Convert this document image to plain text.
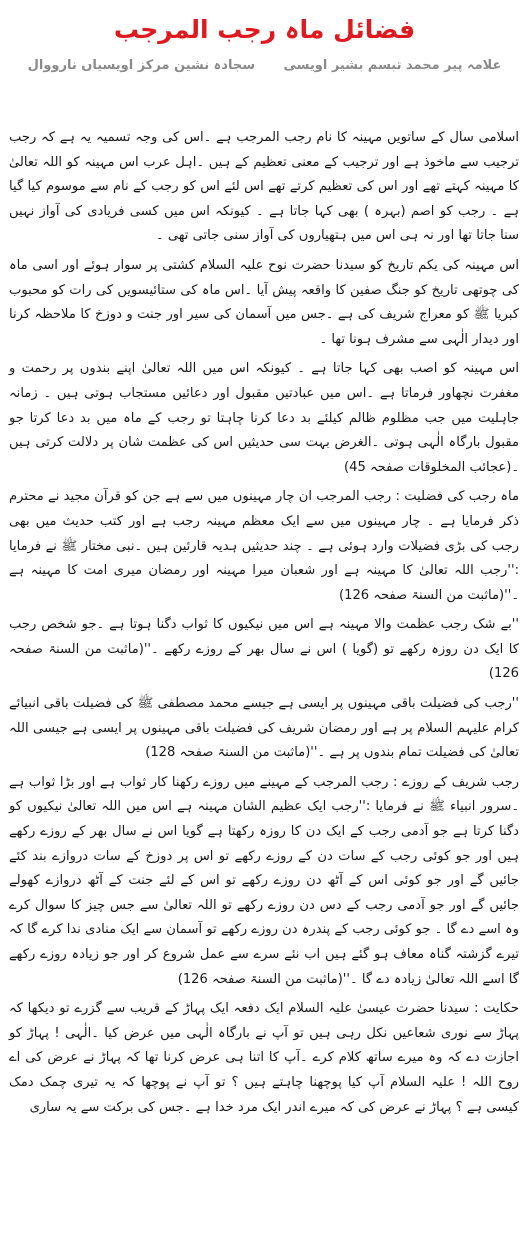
فضائل ماہ رجب المرجب
علامہ پیر محمد تبسم بشیر اویسی سجادہ نشین مرکز اویسیاں نارووال

اسلامی سال کے ساتویں مہینہ کا نام رجب المرجب ہے ۔اس کی وجہ تسمیہ یہ ہے کہ رجب ترجیب سے ماخوذ ہے اور ترجیب کے معنی تعظیم کے ہیں ۔اہل عرب اس مہینہ کو اللہ تعالیٰ کا مہینہ کہتے تھے اور اس کی تعظیم کرتے تھے اس لئے اس کو رجب کے نام سے موسوم کیا گیا ہے ۔ رجب کو اصم (بہرہ ) بھی کہا جاتا ہے ۔ کیونکہ اس میں کسی فریادی کی آواز نہیں سنا جاتا تھا اور نہ ہی اس میں ہتھیاروں کی آواز سنی جاتی تھی ۔

اس مہینہ کی یکم تاریخ کو سیدنا حضرت نوح علیہ السلام کشتی پر سوار ہوئے اور اسی ماہ کی چوتھی تاریخ کو جنگ صفین کا واقعہ پیش آیا ۔اس ماہ کی ستائیسویں کی رات کو محبوب کبریا ﷺ کو معراج شریف کی ہے ۔جس میں آسمان کی سیر اور جنت و دوزخ کا ملاحظہ کرنا اور دیدار الٰہی سے مشرف ہونا تھا ۔

اس مہینہ کو اصب بھی کہا جاتا ہے ۔ کیونکہ اس میں اللہ تعالیٰ اپنے بندوں پر رحمت و مغفرت نچھاور فرماتا ہے ۔اس میں عبادتیں مقبول اور دعائیں مستجاب ہوتی ہیں ۔ زمانہ جاہلیت میں جب مظلوم ظالم کیلئے بد دعا کرنا چاہتا تو رجب کے ماہ میں بد دعا کرتا جو مقبول بارگاہ الٰہی ہوتی ۔الغرض بہت سی حدیثیں اس کی عظمت شان پر دلالت کرتی ہیں ۔(عجائب المخلوقات صفحہ 45)

ماہ رجب کی فضلیت : رجب المرجب ان چار مہینوں میں سے ہے جن کو قرآن مجید نے محترم ذکر فرمایا ہے ۔ چار مہینوں میں سے ایک معظم مہینہ رجب ہے اور کتب حدیث میں بھی رجب کی بڑی فضیلات وارد ہوئی ہے ۔ چند حدیثیں ہدیہ قارئین ہیں ۔نبی مختار ﷺ نے فرمایا :''رجب اللہ تعالیٰ کا مہینہ ہے اور شعبان میرا مہینہ اور رمضان میری امت کا مہینہ ہے ۔''(ماثبت من السنۃ صفحہ 126)

''بے شک رجب عظمت والا مہینہ ہے اس میں نیکیوں کا ثواب دگنا ہوتا ہے ۔جو شخص رجب کا ایک دن روزہ رکھے تو (گویا ) اس نے سال بھر کے روزے رکھے ۔''(ماثبت من السنۃ صفحہ 126)

''رجب کی فضیلت باقی مہینوں پر ایسی ہے جیسے محمد مصطفی ﷺ کی فضیلت باقی انبیائے کرام علیہم السلام پر ہے اور رمضان شریف کی فضیلت باقی مہینوں پر ایسی ہے جیسی اللہ تعالیٰ کی فضیلت تمام بندوں پر ہے ۔''(ماثبت من السنۃ صفحہ 128)

رجب شریف کے روزے : رجب المرجب کے مہینے میں روزے رکھنا کار ثواب ہے اور بڑا ثواب ہے ۔سرور انبیاء ﷺ نے فرمایا :''رجب ایک عظیم الشان مہینہ ہے اس میں اللہ تعالیٰ نیکیوں کو دگنا کرتا ہے جو آدمی رجب کے ایک دن کا روزہ رکھتا ہے گویا اس نے سال بھر کے روزے رکھے ہیں اور جو کوئی رجب کے سات دن کے روزے رکھے تو اس پر دوزخ کے سات دروازے بند کئے جائیں گے اور جو کوئی اس کے آٹھ دن روزے رکھے تو اس کے لئے جنت کے آٹھ دروازے کھولے جائیں گے اور جو آدمی رجب کے دس دن روزے رکھے تو اللہ تعالیٰ سے جس چیز کا سوال کرے وہ اسے دے گا ۔ جو کوئی رجب کے پندرہ دن روزے رکھے تو آسمان سے ایک منادی ندا کرے گا کہ تیرے گزشتہ گناہ معاف ہو گئے ہیں اب نئے سرے سے عمل شروع کر اور جو زیادہ روزے رکھے گا اسے اللہ تعالیٰ زیادہ دے گا ۔''(ماثبت من السنۃ صفحہ 126)

حکایت : سیدنا حضرت عیسیٰ علیہ السلام ایک دفعہ ایک پہاڑ کے قریب سے گزرے تو دیکھا کہ پہاڑ سے نوری شعاعیں نکل رہی ہیں تو آپ نے بارگاہ الٰہی میں عرض کیا ۔الٰہی ! پہاڑ کو اجازت دے کہ وہ میرے ساتھ کلام کرے ۔آپ کا اتنا ہی عرض کرنا تھا کہ پہاڑ نے عرض کی اے روح اللہ ! علیہ السلام آپ کیا پوچھنا چاہتے ہیں ؟ تو آپ نے پوچھا کہ یہ تیری چمک دمک کیسی ہے ؟ پہاڑ نے عرض کی کہ میرے اندر ایک مرد خدا ہے ۔جس کی برکت سے یہ ساری
